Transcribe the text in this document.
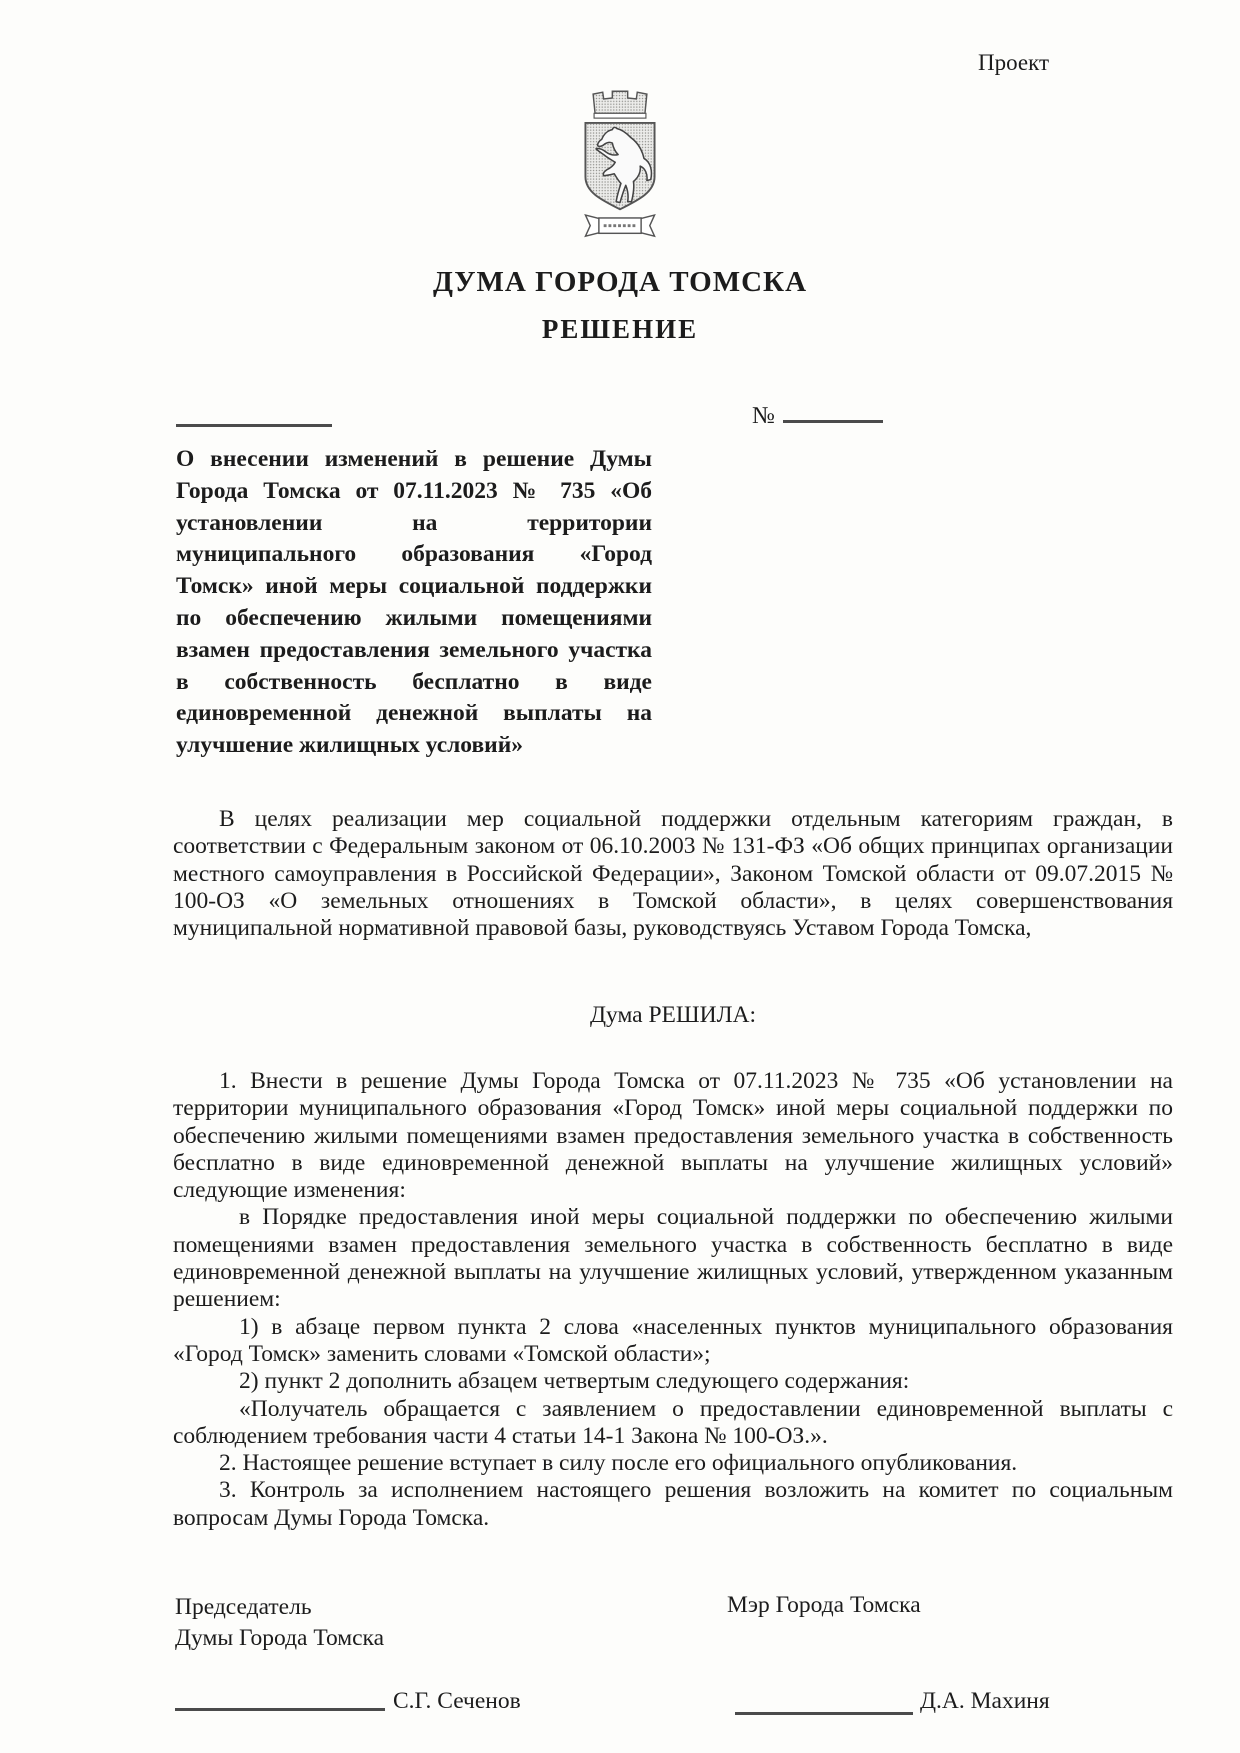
Проект
ДУМА ГОРОДА ТОМСКА
РЕШЕНИЕ
№
О внесении изменений в решение Думы Города Томска от 07.11.2023 № 735 «Об установлении на территории муниципального образования «Город Томск» иной меры социальной поддержки по обеспечению жилыми помещениями взамен предоставления земельного участка в собственность бесплатно в виде единовременной денежной выплаты на улучшение жилищных условий»
В целях реализации мер социальной поддержки отдельным категориям граждан, в соответствии с Федеральным законом от 06.10.2003 № 131-ФЗ «Об общих принципах организации местного самоуправления в Российской Федерации», Законом Томской области от 09.07.2015 № 100-ОЗ «О земельных отношениях в Томской области», в целях совершенствования муниципальной нормативной правовой базы, руководствуясь Уставом Города Томска,
Дума РЕШИЛА:

1. Внести в решение Думы Города Томска от 07.11.2023 № 735 «Об установлении на территории муниципального образования «Город Томск» иной меры социальной поддержки по обеспечению жилыми помещениями взамен предоставления земельного участка в собственность бесплатно в виде единовременной денежной выплаты на улучшение жилищных условий» следующие изменения:

в Порядке предоставления иной меры социальной поддержки по обеспечению жилыми помещениями взамен предоставления земельного участка в собственность бесплатно в виде единовременной денежной выплаты на улучшение жилищных условий, утвержденном указанным решением:

1) в абзаце первом пункта 2 слова «населенных пунктов муниципального образования «Город Томск» заменить словами «Томской области»;

2) пункт 2 дополнить абзацем четвертым следующего содержания:

«Получатель обращается с заявлением о предоставлении единовременной выплаты с соблюдением требования части 4 статьи 14-1 Закона № 100-ОЗ.».

2. Настоящее решение вступает в силу после его официального опубликования.

3. Контроль за исполнением настоящего решения возложить на комитет по социальным вопросам Думы Города Томска.

Председатель
Думы Города Томска
Мэр Города Томска
С.Г. Сеченов	Д.А. Махиня
